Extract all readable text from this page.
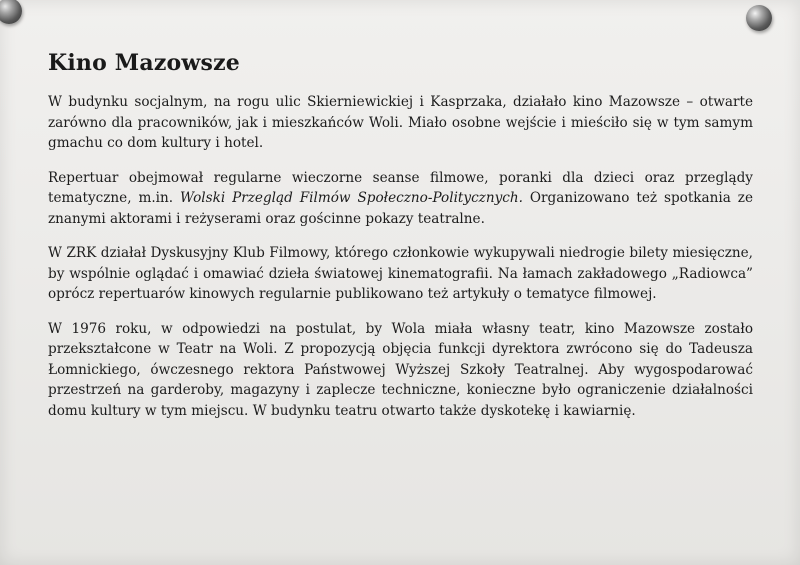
Kino Mazowsze

W budynku socjalnym, na rogu ulic Skierniewickiej i Kasprzaka, działało kino Mazowsze – otwarte zarówno dla pracowników, jak i mieszkańców Woli. Miało osobne wejście i mieściło się w tym samym gmachu co dom kultury i hotel.

Repertuar obejmował regularne wieczorne seanse filmowe, poranki dla dzieci oraz przeglądy tematyczne, m.in. Wolski Przegląd Filmów Społeczno-Politycznych. Organizowano też spotkania ze znanymi aktorami i reżyserami oraz gościnne pokazy teatralne.

W ZRK działał Dyskusyjny Klub Filmowy, którego członkowie wykupywali niedrogie bilety miesięczne, by wspólnie oglądać i omawiać dzieła światowej kinematografii. Na łamach zakładowego „Radiowca” oprócz repertuarów kinowych regularnie publikowano też artykuły o tematyce filmowej.

W 1976 roku, w odpowiedzi na postulat, by Wola miała własny teatr, kino Mazowsze zostało przekształcone w Teatr na Woli. Z propozycją objęcia funkcji dyrektora zwrócono się do Tadeusza Łomnickiego, ówczesnego rektora Państwowej Wyższej Szkoły Teatralnej. Aby wygospodarować przestrzeń na garderoby, magazyny i zaplecze techniczne, konieczne było ograniczenie działalności domu kultury w tym miejscu. W budynku teatru otwarto także dyskotekę i kawiarnię.
